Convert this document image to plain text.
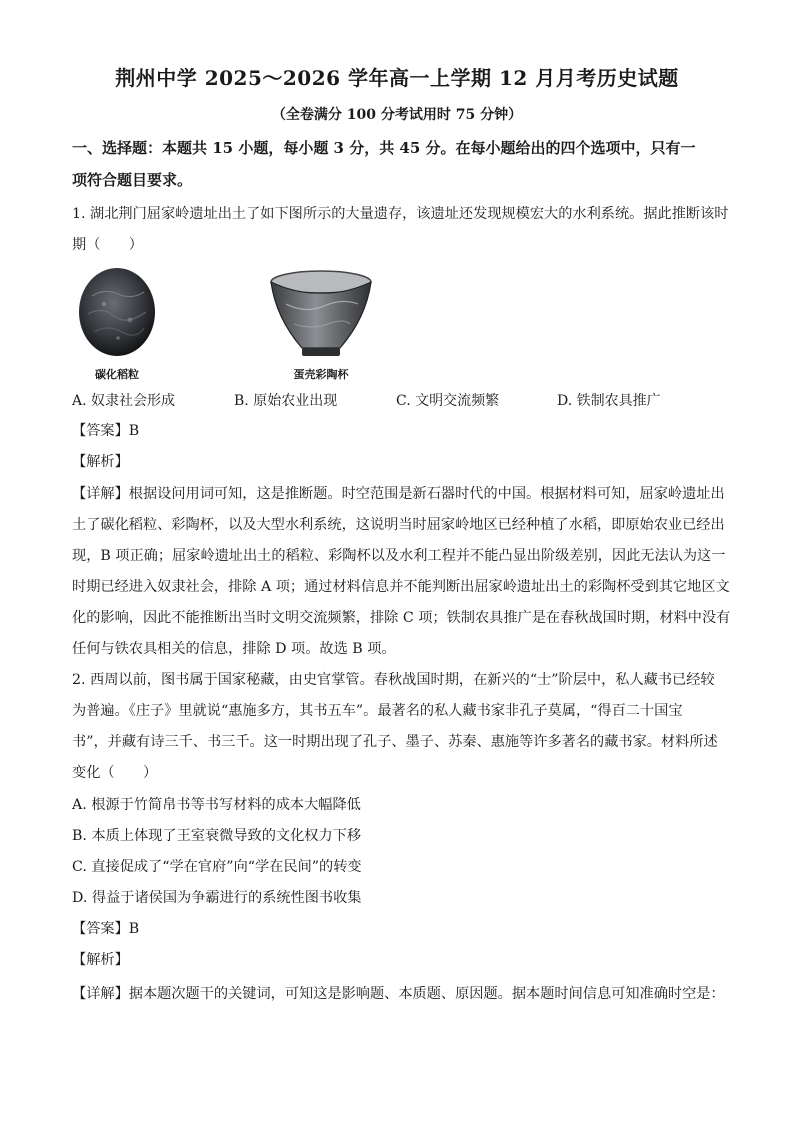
荆州中学 2025～2026 学年高一上学期 12 月月考历史试题
（全卷满分 100 分考试用时 75 分钟）
一、选择题：本题共 15 小题，每小题 3 分，共 45 分。在每小题给出的四个选项中，只有一
项符合题目要求。
1. 湖北荆门屈家岭遗址出土了如下图所示的大量遗存，该遗址还发现规模宏大的水利系统。据此推断该时
期（　　）
碳化稻粒	蛋壳彩陶杯
A. 奴隶社会形成	B. 原始农业出现	C. 文明交流频繁	D. 铁制农具推广
【答案】B
【解析】
【详解】根据设问用词可知，这是推断题。时空范围是新石器时代的中国。根据材料可知，屈家岭遗址出
土了碳化稻粒、彩陶杯，以及大型水利系统，这说明当时屈家岭地区已经种植了水稻，即原始农业已经出
现，B 项正确；屈家岭遗址出土的稻粒、彩陶杯以及水利工程并不能凸显出阶级差别，因此无法认为这一
时期已经进入奴隶社会，排除 A 项；通过材料信息并不能判断出屈家岭遗址出土的彩陶杯受到其它地区文
化的影响，因此不能推断出当时文明交流频繁，排除 C 项；铁制农具推广是在春秋战国时期，材料中没有
任何与铁农具相关的信息，排除 D 项。故选 B 项。
2. 西周以前，图书属于国家秘藏，由史官掌管。春秋战国时期，在新兴的“士”阶层中，私人藏书已经较
为普遍。《庄子》里就说“惠施多方，其书五车”。最著名的私人藏书家非孔子莫属，“得百二十国宝
书”，并藏有诗三千、书三千。这一时期出现了孔子、墨子、苏秦、惠施等许多著名的藏书家。材料所述
变化（　　）
A. 根源于竹简帛书等书写材料的成本大幅降低
B. 本质上体现了王室衰微导致的文化权力下移
C. 直接促成了“学在官府”向“学在民间”的转变
D. 得益于诸侯国为争霸进行的系统性图书收集
【答案】B
【解析】
【详解】据本题次题干的关键词，可知这是影响题、本质题、原因题。据本题时间信息可知准确时空是：
